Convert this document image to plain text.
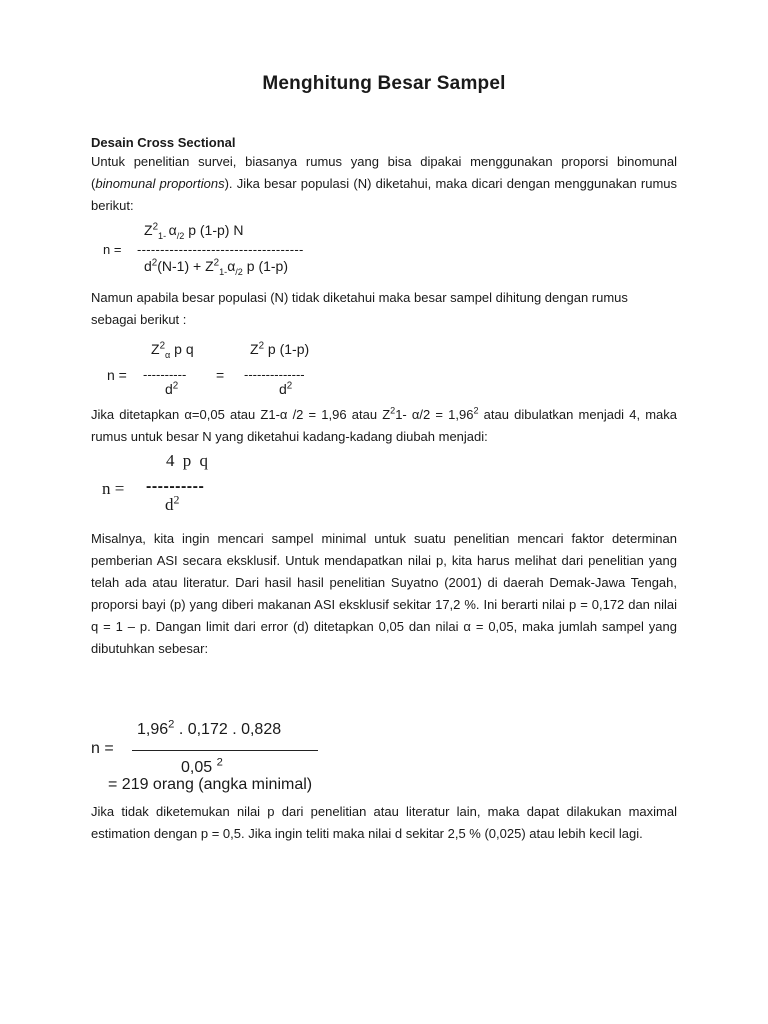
Menghitung Besar Sampel
Desain Cross Sectional
Untuk penelitian survei, biasanya rumus yang bisa dipakai menggunakan proporsi binomunal (binomunal proportions). Jika besar populasi (N) diketahui, maka dicari dengan menggunakan rumus berikut:
$Z^2_{1-}$ $\alpha_{/2}$ p (1-p) N
n = ------------------------------------
$d^2(N-1) + Z^2_{1-}\alpha_{/2}$ p (1-p)
Namun apabila besar populasi (N) tidak diketahui maka besar sampel dihitung dengan rumus sebagai berikut :
$Z^2_\alpha$ p q	$Z^2$ p (1-p)
n = ---------- = --------------
$d^2$	$d^2$
Jika ditetapkan α=0,05 atau Z1-α /2 = 1,96 atau $Z^21-$ $\alpha/2 = 1,96^2$ atau dibulatkan menjadi 4, maka rumus untuk besar N yang diketahui kadang-kadang diubah menjadi:
4 p q
n = ----------
$d^2$
Misalnya, kita ingin mencari sampel minimal untuk suatu penelitian mencari faktor determinan pemberian ASI secara eksklusif. Untuk mendapatkan nilai p, kita harus melihat dari penelitian yang telah ada atau literatur. Dari hasil hasil penelitian Suyatno (2001) di daerah Demak-Jawa Tengah, proporsi bayi (p) yang diberi makanan ASI eksklusif sekitar 17,2 %. Ini berarti nilai p = 0,172 dan nilai q = 1 – p. Dangan limit dari error (d) ditetapkan 0,05 dan nilai α = 0,05, maka jumlah sampel yang dibutuhkan sebesar:
1,96$^2$ . 0,172 . 0,828
n =
0,05 $^2$
= 219 orang (angka minimal)
Jika tidak diketemukan nilai p dari penelitian atau literatur lain, maka dapat dilakukan maximal estimation dengan p = 0,5. Jika ingin teliti maka nilai d sekitar 2,5 % (0,025) atau lebih kecil lagi.
